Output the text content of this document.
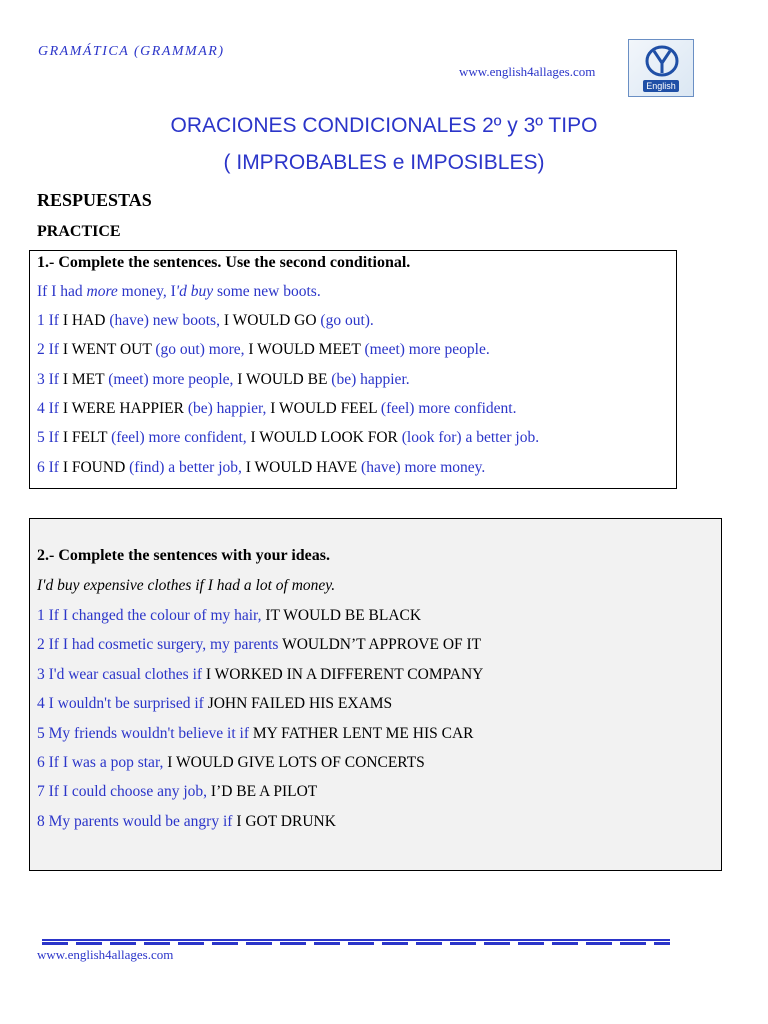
GRAMÁTICA (GRAMMAR)
www.english4allages.com
English
ORACIONES CONDICIONALES 2º y 3º TIPO
( IMPROBABLES e IMPOSIBLES)
RESPUESTAS
PRACTICE
1.- Complete the sentences. Use the second conditional.
If I had more money, I'd buy some new boots.
1 If I HAD (have) new boots, I WOULD GO (go out).
2 If I WENT OUT (go out) more, I WOULD MEET (meet) more people.
3 If I MET (meet) more people, I WOULD BE (be) happier.
4 If I WERE HAPPIER (be) happier, I WOULD FEEL (feel) more confident.
5 If I FELT (feel) more confident, I WOULD LOOK FOR (look for) a better job.
6 If I FOUND (find) a better job, I WOULD HAVE (have) more money.
2.- Complete the sentences with your ideas.
I'd buy expensive clothes if I had a lot of money.
1 If I changed the colour of my hair, IT WOULD BE BLACK
2 If I had cosmetic surgery, my parents WOULDN’T APPROVE OF IT
3 I'd wear casual clothes if I WORKED IN A DIFFERENT COMPANY
4 I wouldn't be surprised if JOHN FAILED HIS EXAMS
5 My friends wouldn't believe it if MY FATHER LENT ME HIS CAR
6 If I was a pop star, I WOULD GIVE LOTS OF CONCERTS
7 If I could choose any job, I’D BE A PILOT
8 My parents would be angry if I GOT DRUNK
www.english4allages.com
